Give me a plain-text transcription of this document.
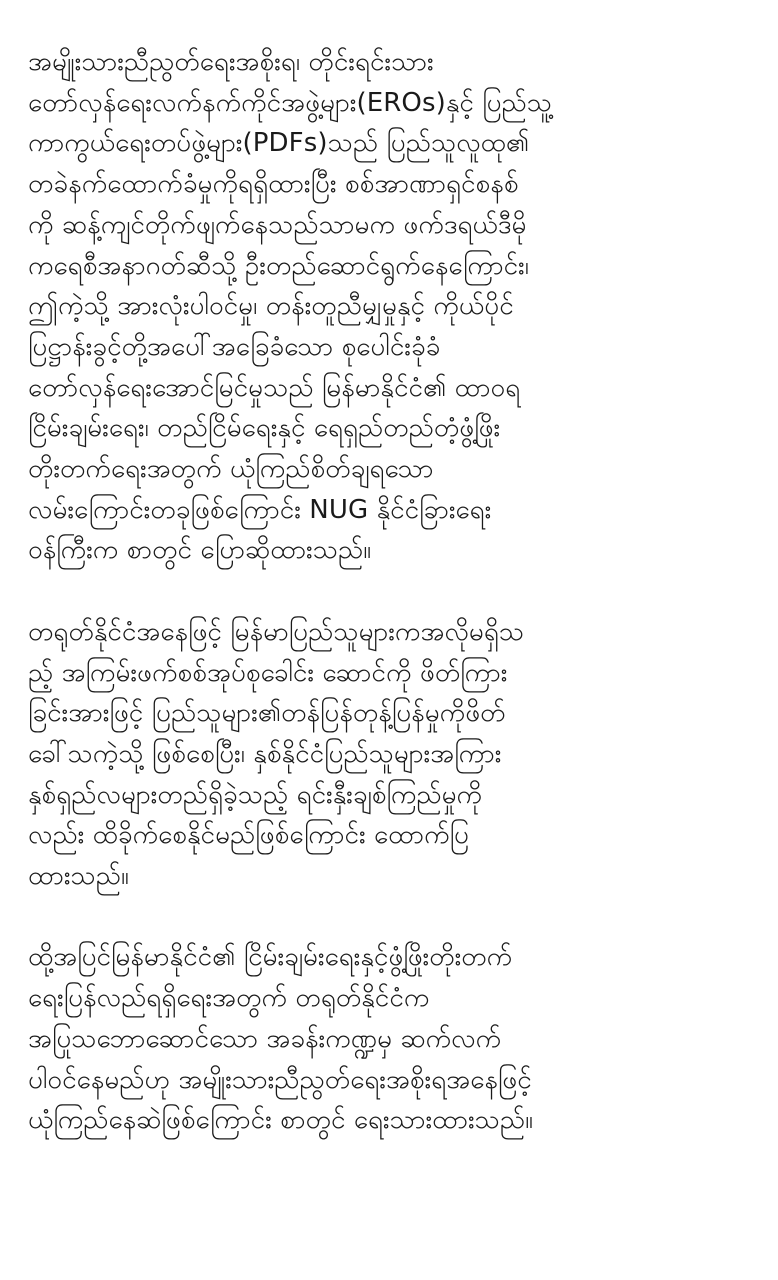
အမျိုးသားညီညွတ်ရေးအစိုးရ၊ တိုင်းရင်းသား
တော်လှန်ရေးလက်နက်ကိုင်အဖွဲ့များ(EROs)နှင့် ပြည်သူ့
ကာကွယ်ရေးတပ်ဖွဲ့များ(PDFs)သည် ပြည်သူလူထု၏
တခဲနက်ထောက်ခံမှုကိုရရှိထားပြီး စစ်အာဏာရှင်စနစ်
ကို ဆန့်ကျင်တိုက်ဖျက်နေသည်သာမက ဖက်ဒရယ်ဒီမို
ကရေစီအနာဂတ်ဆီသို့ ဦးတည်ဆောင်ရွက်နေကြောင်း၊
ဤကဲ့သို့ အားလုံးပါဝင်မှု၊ တန်းတူညီမျှမှုနှင့် ကိုယ်ပိုင်
ပြဋ္ဌာန်းခွင့်တို့အပေါ်အခြေခံသော စုပေါင်းခုံခံ
တော်လှန်ရေးအောင်မြင်မှုသည် မြန်မာနိုင်ငံ၏ ထာဝရ
ငြိမ်းချမ်းရေး၊ တည်ငြိမ်ရေးနှင့် ရေရှည်တည်တံ့ဖွံ့ဖြိုး
တိုးတက်ရေးအတွက် ယုံကြည်စိတ်ချရသော
လမ်းကြောင်းတခုဖြစ်ကြောင်း NUG နိုင်ငံခြားရေး
ဝန်ကြီးက စာတွင် ပြောဆိုထားသည်။
တရုတ်နိုင်ငံအနေဖြင့် မြန်မာပြည်သူများကအလိုမရှိသ
ည့် အကြမ်းဖက်စစ်အုပ်စုခေါင်း ဆောင်ကို ဖိတ်ကြား
ခြင်းအားဖြင့် ပြည်သူများ၏တန်ပြန်တုန့်ပြန်မှုကိုဖိတ်
ခေါ်သကဲ့သို့ ဖြစ်စေပြီး၊ နှစ်နိုင်ငံပြည်သူများအကြား
နှစ်ရှည်လများတည်ရှိခဲ့သည့် ရင်းနှီးချစ်ကြည်မှုကို
လည်း ထိခိုက်စေနိုင်မည်ဖြစ်ကြောင်း ထောက်ပြ
ထားသည်။
ထို့အပြင်မြန်မာနိုင်ငံ၏ ငြိမ်းချမ်းရေးနှင့်ဖွံ့ဖြိုးတိုးတက်
ရေးပြန်လည်ရရှိရေးအတွက် တရုတ်နိုင်ငံက
အပြုသဘောဆောင်သော အခန်းကဏ္ဍမှ ဆက်လက်
ပါဝင်နေမည်ဟု အမျိုးသားညီညွတ်ရေးအစိုးရအနေဖြင့်
ယုံကြည်နေဆဲဖြစ်ကြောင်း စာတွင် ရေးသားထားသည်။
